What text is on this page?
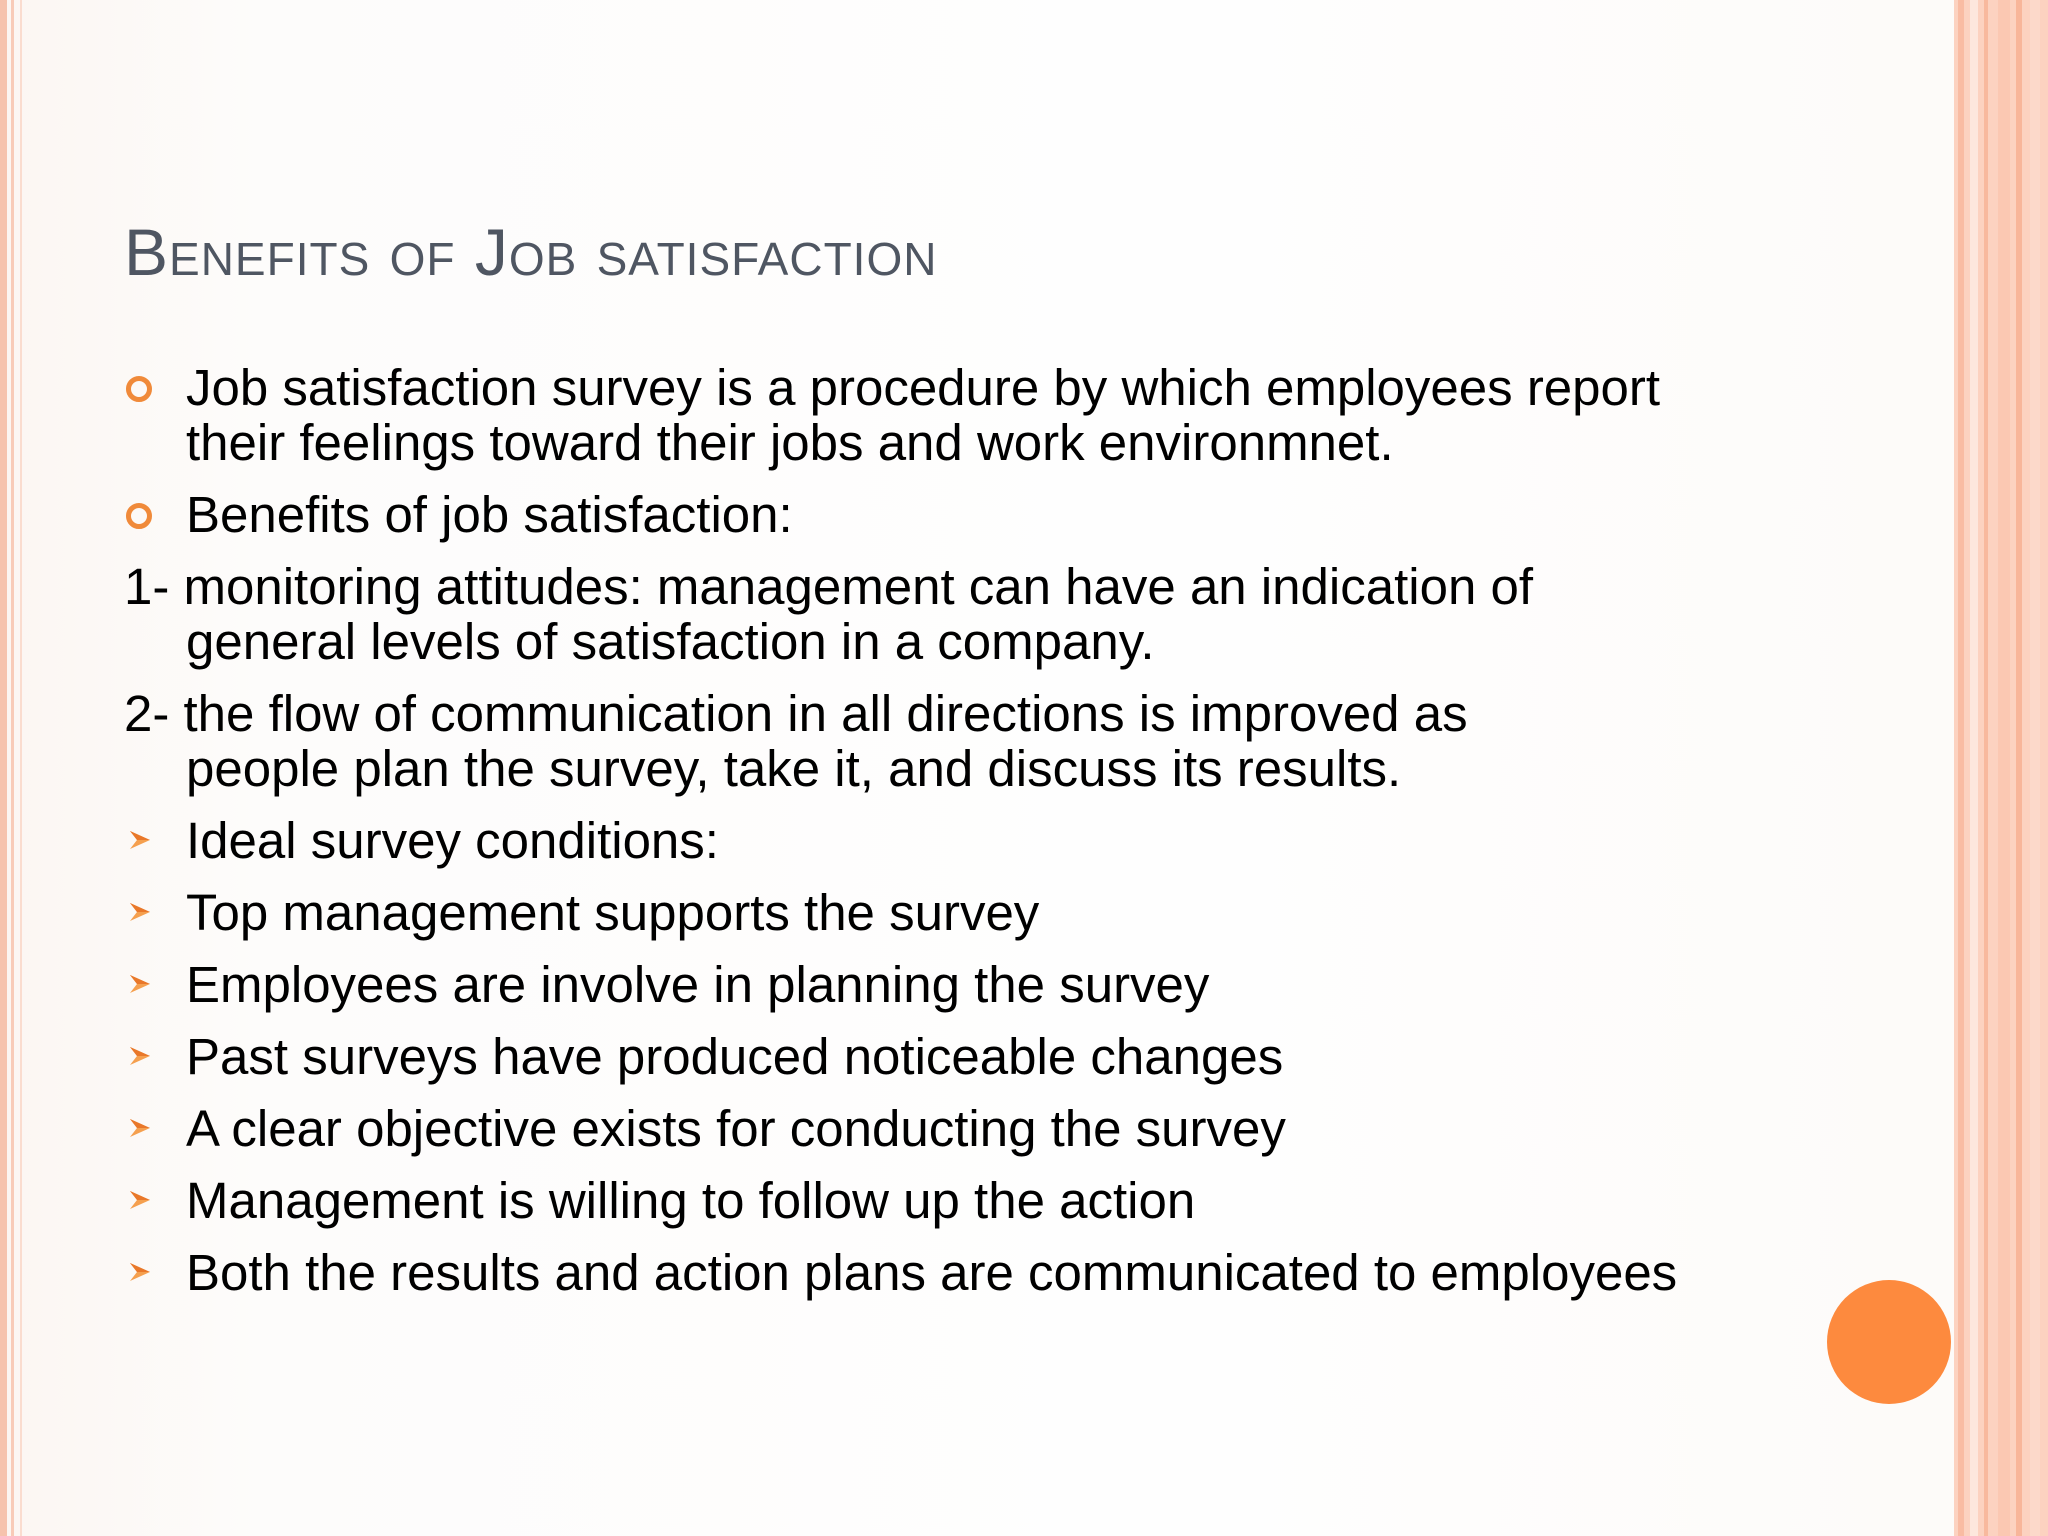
Benefits of Job satisfaction
Job satisfaction survey is a procedure by which employees report their feelings toward their jobs and work environmnet.
Benefits of job satisfaction:
1- monitoring attitudes: management can have an indication of
general levels of satisfaction in a company.
2- the flow of communication in all directions is improved as
people plan the survey, take it, and discuss its results.
Ideal survey conditions:
Top management supports the survey
Employees are involve in planning the survey
Past surveys have produced noticeable changes
A clear objective exists for conducting the survey
Management is willing to follow up the action
Both the results and action plans are communicated to employees
